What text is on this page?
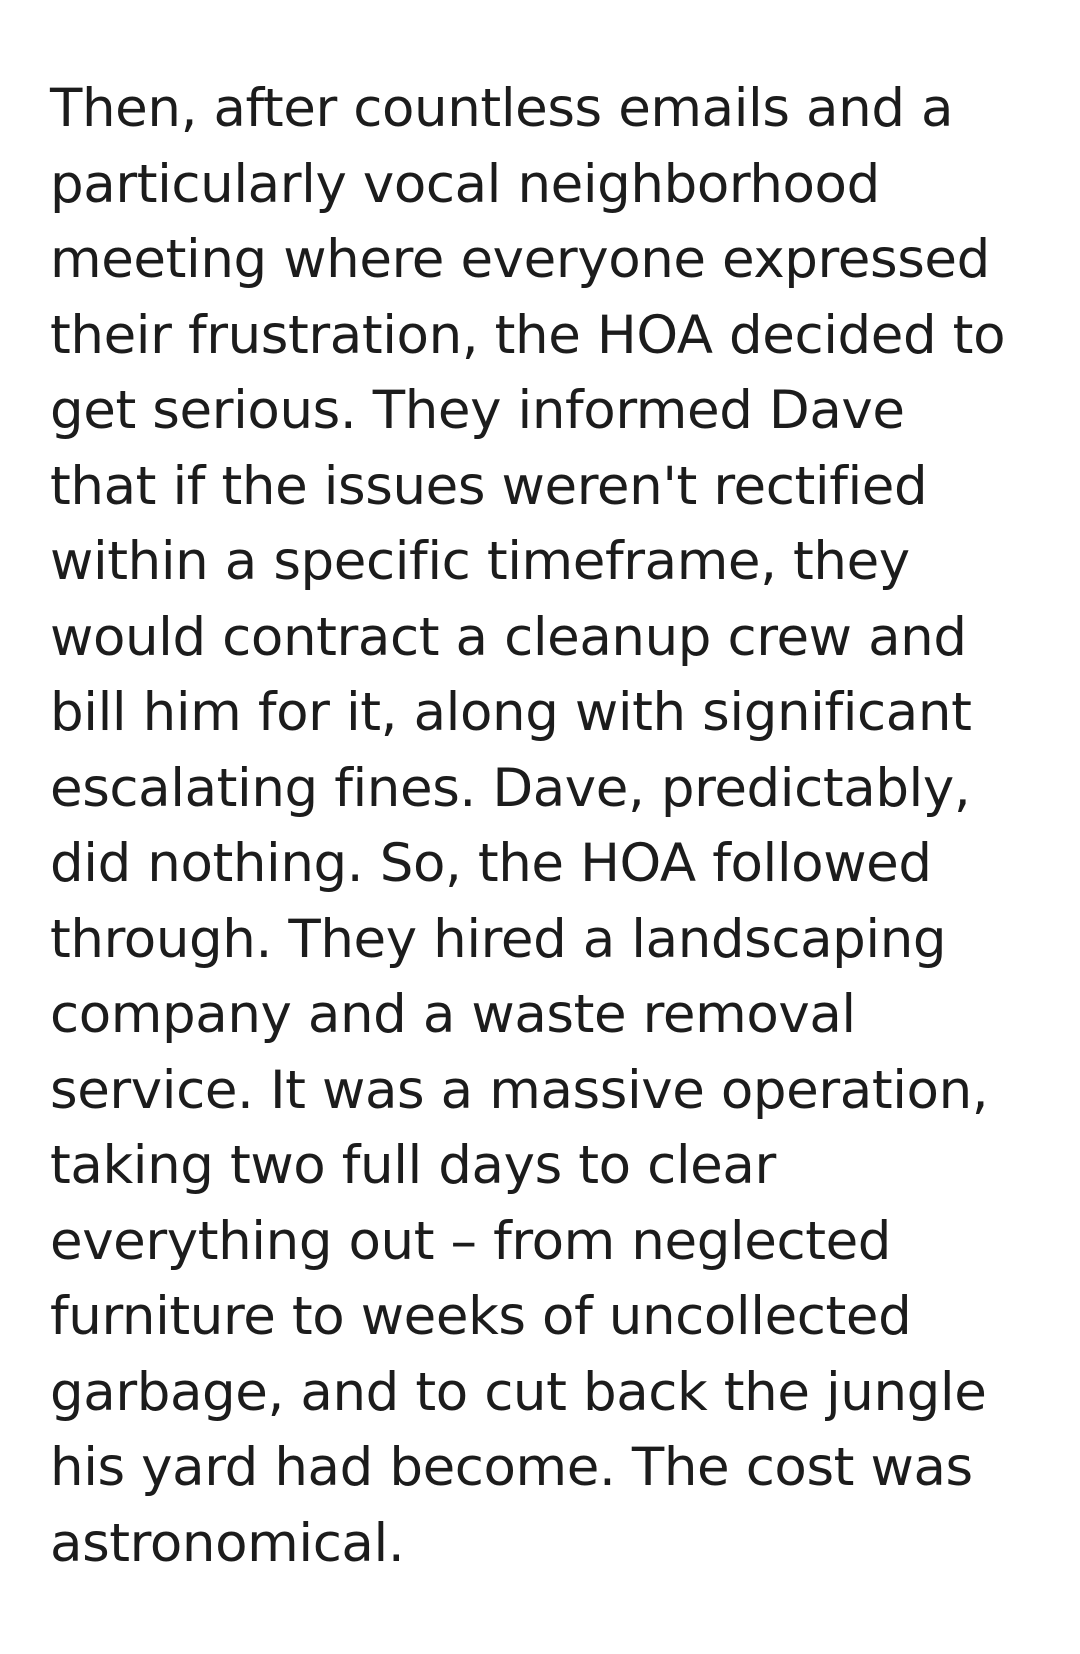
Then, after countless emails and a particularly vocal neighborhood meeting where everyone expressed their frustration, the HOA decided to get serious. They informed Dave that if the issues weren't rectified within a specific timeframe, they would contract a cleanup crew and bill him for it, along with significant escalating fines. Dave, predictably, did nothing. So, the HOA followed through. They hired a landscaping company and a waste removal service. It was a massive operation, taking two full days to clear everything out – from neglected furniture to weeks of uncollected garbage, and to cut back the jungle his yard had become. The cost was astronomical.
